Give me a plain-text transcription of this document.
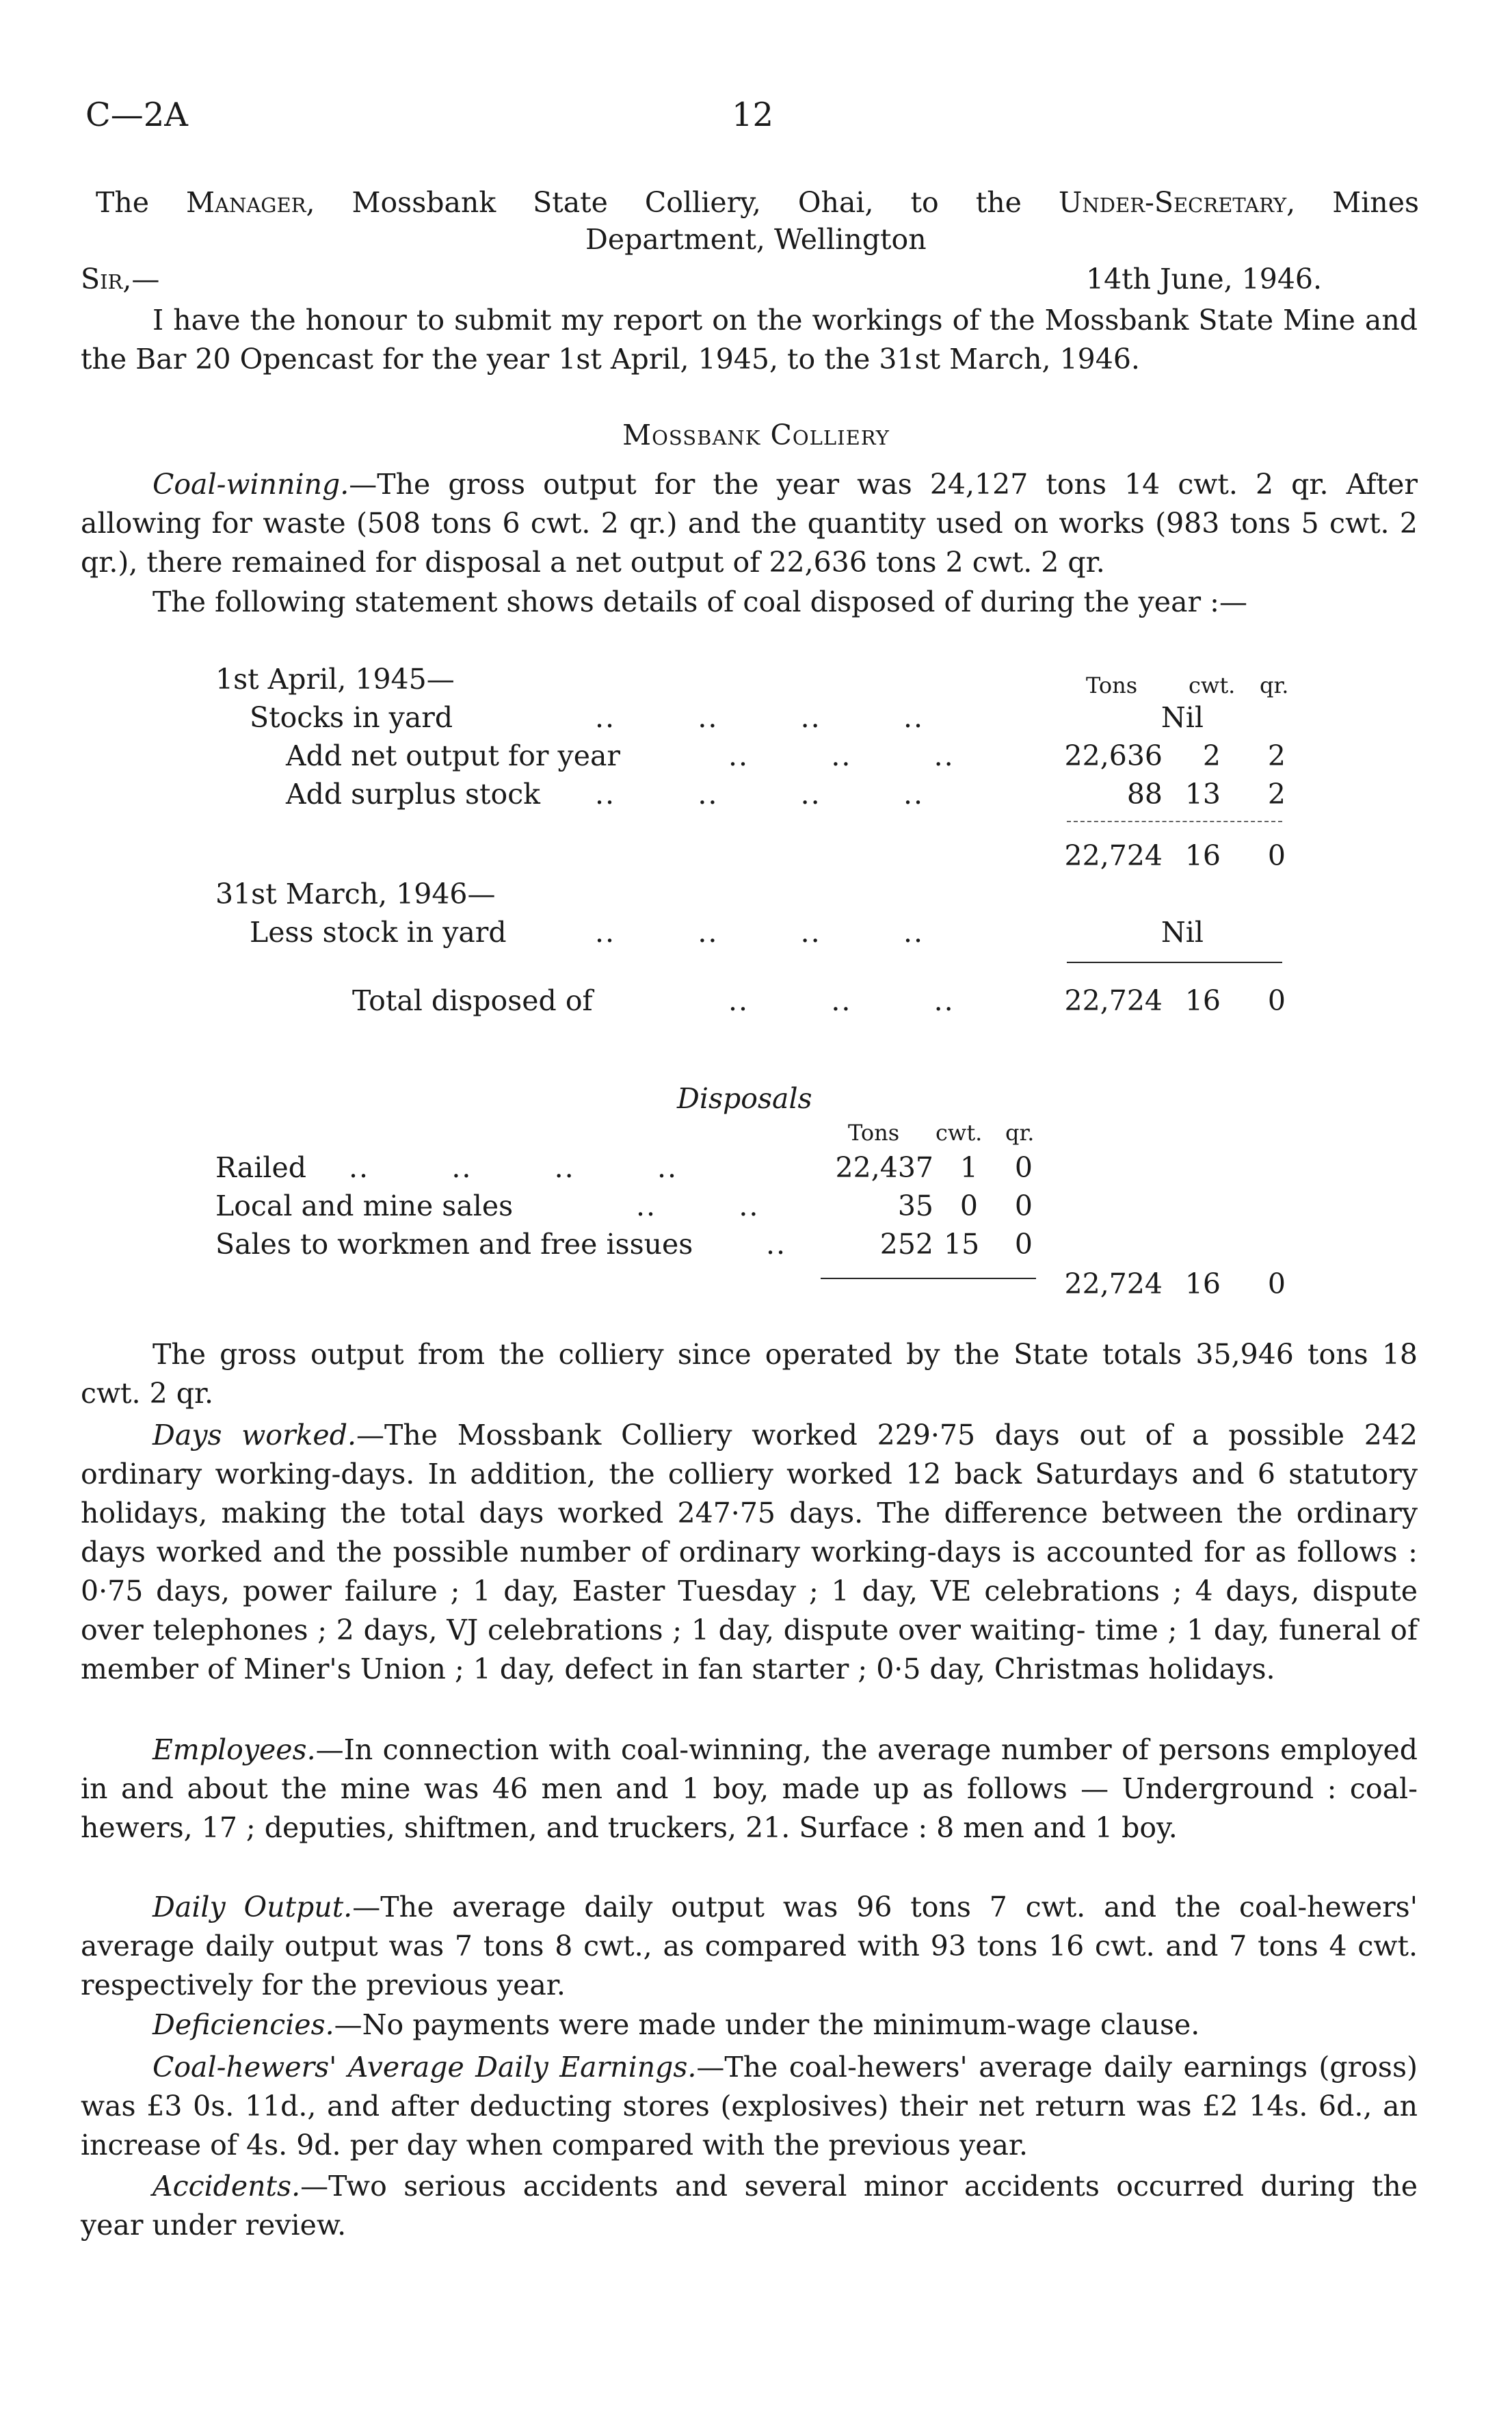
C—2A	12
The Manager, Mossbank State Colliery, Ohai, to the Under-Secretary, Mines
Department, Wellington
Sir,—	14th June, 1946.
I have the honour to submit my report on the workings of the Mossbank State Mine and the Bar 20 Opencast for the year 1st April, 1945, to the 31st March, 1946.
Mossbank Colliery
Coal-winning.—The gross output for the year was 24,127 tons 14 cwt. 2 qr. After allowing for waste (508 tons 6 cwt. 2 qr.) and the quantity used on works (983 tons 5 cwt. 2 qr.), there remained for disposal a net output of 22,636 tons 2 cwt. 2 qr.
The following statement shows details of coal disposed of during the year :—
Tons cwt. qr.
1st April, 1945—
Stocks in yard	..        ..        ..        ..	Nil
Add net output for year	..        ..        ..	22,636	2	2
Add surplus stock ..        ..        ..        ..	88 13	2
22,724 16	0
31st March, 1946—
Less stock in yard	..        ..        ..        ..	Nil
Total disposed of	..        ..        ..	22,724 16	0
Disposals
Tons cwt. qr.
Railed ..        ..        ..        ..	22,437 1	0
Local and mine sales	..        ..	35 0	0
Sales to workmen and free issues	..	252 15	0
22,724 16	0
The gross output from the colliery since operated by the State totals 35,946 tons 18 cwt. 2 qr.
Days worked.—The Mossbank Colliery worked 229·75 days out of a possible 242 ordinary working-days. In addition, the colliery worked 12 back Saturdays and 6 statutory holidays, making the total days worked 247·75 days. The difference between the ordinary days worked and the possible number of ordinary working-days is accounted for as follows : 0·75 days, power failure ; 1 day, Easter Tuesday ; 1 day, VE celebrations ; 4 days, dispute over telephones ; 2 days, VJ celebrations ; 1 day, dispute over waiting- time ; 1 day, funeral of member of Miner's Union ; 1 day, defect in fan starter ; 0·5 day, Christmas holidays.
Employees.—In connection with coal-winning, the average number of persons employed in and about the mine was 46 men and 1 boy, made up as follows — Underground : coal-hewers, 17 ; deputies, shiftmen, and truckers, 21. Surface : 8 men and 1 boy.
Daily Output.—The average daily output was 96 tons 7 cwt. and the coal-hewers' average daily output was 7 tons 8 cwt., as compared with 93 tons 16 cwt. and 7 tons 4 cwt. respectively for the previous year.
Deficiencies.—No payments were made under the minimum-wage clause.
Coal-hewers' Average Daily Earnings.—The coal-hewers' average daily earnings (gross) was £3 0s. 11d., and after deducting stores (explosives) their net return was £2 14s. 6d., an increase of 4s. 9d. per day when compared with the previous year.
Accidents.—Two serious accidents and several minor accidents occurred during the year under review.
